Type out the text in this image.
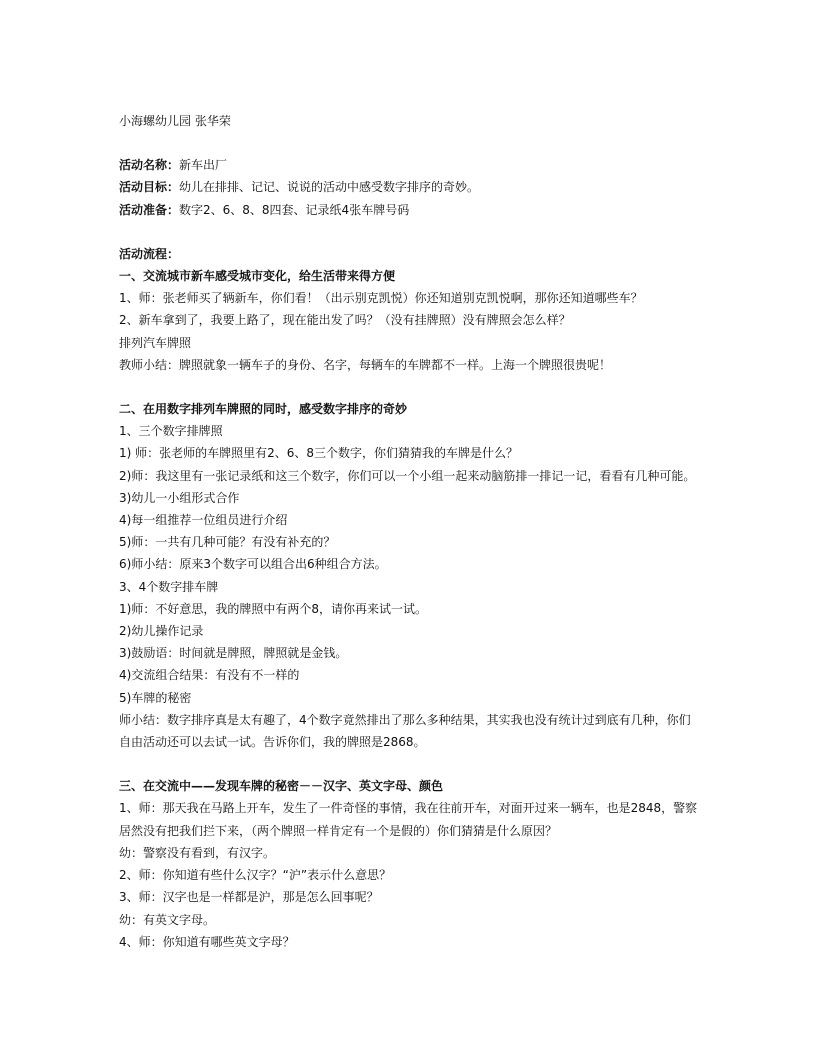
小海螺幼儿园 张华荣
活动名称：新车出厂
活动目标：幼儿在排排、记记、说说的活动中感受数字排序的奇妙。
活动准备：数字2、6、8、8四套、记录纸4张车牌号码
活动流程：
一、交流城市新车感受城市变化，给生活带来得方便
1、师：张老师买了辆新车，你们看！（出示别克凯悦）你还知道别克凯悦啊，那你还知道哪些车？
2、新车拿到了，我要上路了，现在能出发了吗？（没有挂牌照）没有牌照会怎么样？
排列汽车牌照
教师小结：牌照就象一辆车子的身份、名字，每辆车的车牌都不一样。上海一个牌照很贵呢！
二、在用数字排列车牌照的同时，感受数字排序的奇妙
1、三个数字排牌照
1) 师：张老师的车牌照里有2、6、8三个数字，你们猜猜我的车牌是什么？
2)师：我这里有一张记录纸和这三个数字，你们可以一个小组一起来动脑筋排一排记一记，看看有几种可能。
3)幼儿一小组形式合作
4)每一组推荐一位组员进行介绍
5)师：一共有几种可能？有没有补充的？
6)师小结：原来3个数字可以组合出6种组合方法。
3、4个数字排车牌
1)师：不好意思，我的牌照中有两个8，请你再来试一试。
2)幼儿操作记录
3)鼓励语：时间就是牌照，牌照就是金钱。
4)交流组合结果：有没有不一样的
5)车牌的秘密
师小结：数字排序真是太有趣了，4个数字竟然排出了那么多种结果，其实我也没有统计过到底有几种，你们自由活动还可以去试一试。告诉你们，我的牌照是2868。
三、在交流中——发现车牌的秘密－－汉字、英文字母、颜色
1、师：那天我在马路上开车，发生了一件奇怪的事情，我在往前开车，对面开过来一辆车，也是2848，警察居然没有把我们拦下来，（两个牌照一样肯定有一个是假的）你们猜猜是什么原因？
幼：警察没有看到，有汉字。
2、师：你知道有些什么汉字？“沪”表示什么意思？
3、师：汉字也是一样都是沪，那是怎么回事呢？
幼：有英文字母。
4、师：你知道有哪些英文字母？
